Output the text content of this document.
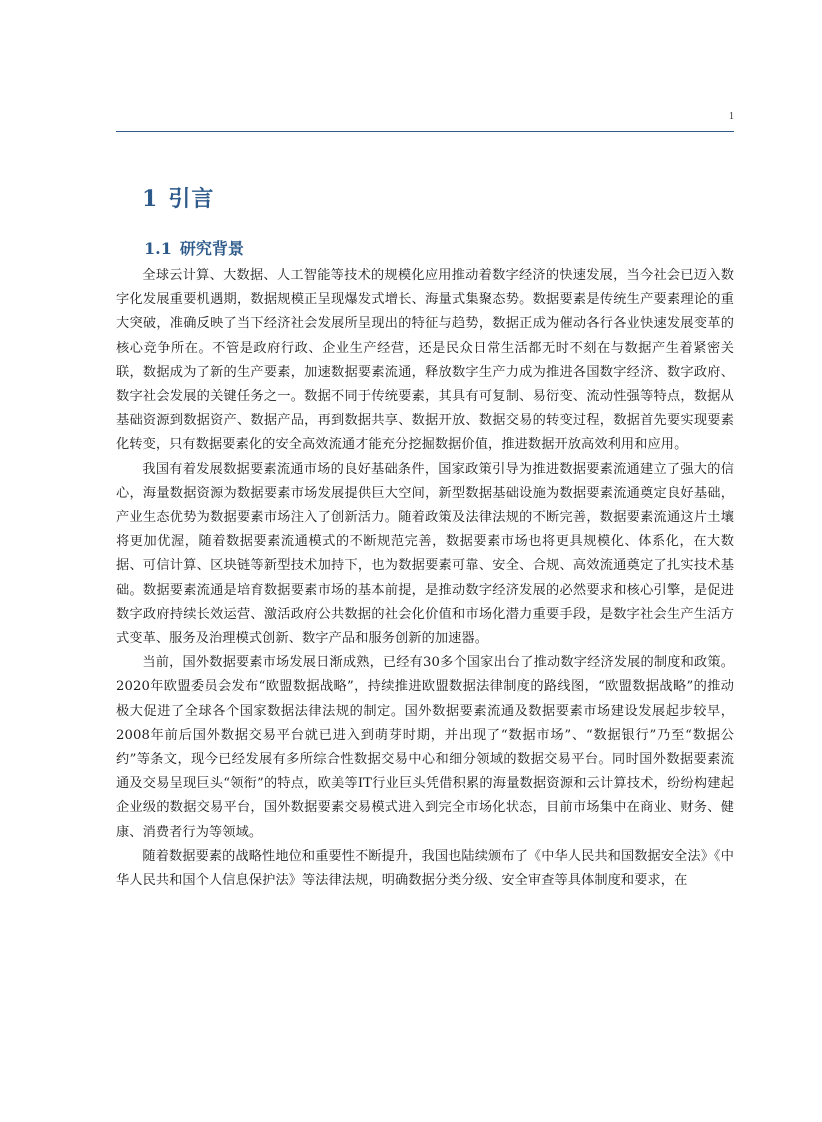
1
1 引言
1.1 研究背景

全球云计算、大数据、人工智能等技术的规模化应用推动着数字经济的快速发展，当今社会已迈入数字化发展重要机遇期，数据规模正呈现爆发式增长、海量式集聚态势。数据要素是传统生产要素理论的重大突破，准确反映了当下经济社会发展所呈现出的特征与趋势，数据正成为催动各行各业快速发展变革的核心竞争所在。不管是政府行政、企业生产经营，还是民众日常生活都无时不刻在与数据产生着紧密关联，数据成为了新的生产要素，加速数据要素流通，释放数字生产力成为推进各国数字经济、数字政府、数字社会发展的关键任务之一。数据不同于传统要素，其具有可复制、易衍变、流动性强等特点，数据从基础资源到数据资产、数据产品，再到数据共享、数据开放、数据交易的转变过程，数据首先要实现要素化转变，只有数据要素化的安全高效流通才能充分挖掘数据价值，推进数据开放高效利用和应用。

我国有着发展数据要素流通市场的良好基础条件，国家政策引导为推进数据要素流通建立了强大的信心，海量数据资源为数据要素市场发展提供巨大空间，新型数据基础设施为数据要素流通奠定良好基础，产业生态优势为数据要素市场注入了创新活力。随着政策及法律法规的不断完善，数据要素流通这片土壤将更加优渥，随着数据要素流通模式的不断规范完善，数据要素市场也将更具规模化、体系化，在大数据、可信计算、区块链等新型技术加持下，也为数据要素可靠、安全、合规、高效流通奠定了扎实技术基础。数据要素流通是培育数据要素市场的基本前提，是推动数字经济发展的必然要求和核心引擎，是促进数字政府持续长效运营、激活政府公共数据的社会化价值和市场化潜力重要手段，是数字社会生产生活方式变革、服务及治理模式创新、数字产品和服务创新的加速器。

当前，国外数据要素市场发展日渐成熟，已经有30多个国家出台了推动数字经济发展的制度和政策。2020年欧盟委员会发布“欧盟数据战略”，持续推进欧盟数据法律制度的路线图，“欧盟数据战略”的推动极大促进了全球各个国家数据法律法规的制定。国外数据要素流通及数据要素市场建设发展起步较早，2008年前后国外数据交易平台就已进入到萌芽时期，并出现了“数据市场”、“数据银行”乃至“数据公约”等条文，现今已经发展有多所综合性数据交易中心和细分领域的数据交易平台。同时国外数据要素流通及交易呈现巨头“领衔”的特点，欧美等IT行业巨头凭借积累的海量数据资源和云计算技术，纷纷构建起企业级的数据交易平台，国外数据要素交易模式进入到完全市场化状态，目前市场集中在商业、财务、健康、消费者行为等领域。

随着数据要素的战略性地位和重要性不断提升，我国也陆续颁布了《中华人民共和国数据安全法》《中华人民共和国个人信息保护法》等法律法规，明确数据分类分级、安全审查等具体制度和要求，在
